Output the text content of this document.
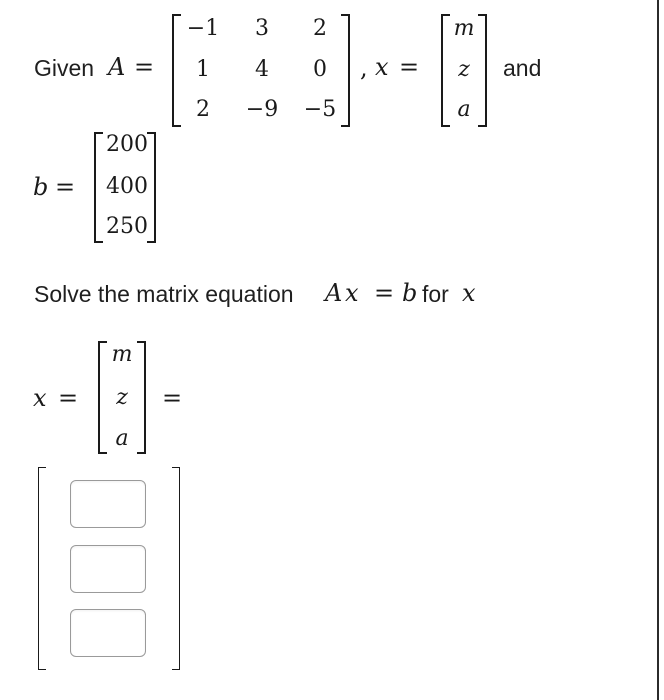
Given A =
−1	3	2
1	4	0
2	−9 −5
, x =
m
z
a
and
b =
200
400
250
Solve the matrix equation A x = b for x
x =
m
z
a
=
